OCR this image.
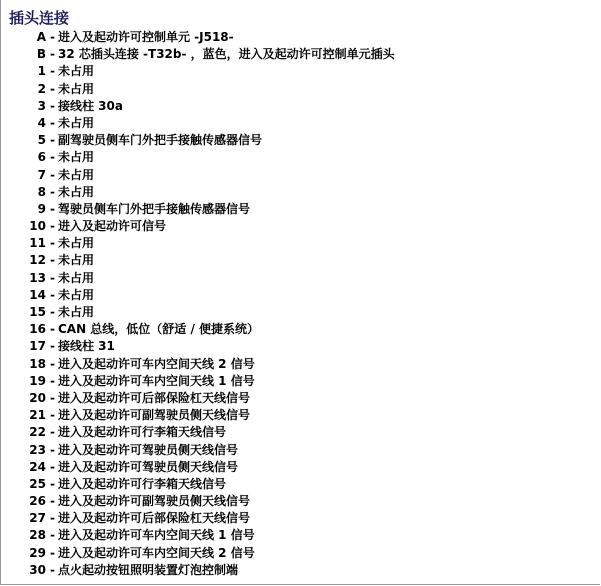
插头连接
A - 进入及起动许可控制单元 -J518-
B - 32 芯插头连接 -T32b- ，蓝色，进入及起动许可控制单元插头
1 - 未占用
2 - 未占用
3 - 接线柱 30a
4 - 未占用
5 - 副驾驶员侧车门外把手接触传感器信号
6 - 未占用
7 - 未占用
8 - 未占用
9 - 驾驶员侧车门外把手接触传感器信号
10 - 进入及起动许可信号
11 - 未占用
12 - 未占用
13 - 未占用
14 - 未占用
15 - 未占用
16 - CAN 总线，低位（舒适 / 便捷系统）
17 - 接线柱 31
18 - 进入及起动许可车内空间天线 2 信号
19 - 进入及起动许可车内空间天线 1 信号
20 - 进入及起动许可后部保险杠天线信号
21 - 进入及起动许可副驾驶员侧天线信号
22 - 进入及起动许可行李箱天线信号
23 - 进入及起动许可驾驶员侧天线信号
24 - 进入及起动许可驾驶员侧天线信号
25 - 进入及起动许可行李箱天线信号
26 - 进入及起动许可副驾驶员侧天线信号
27 - 进入及起动许可后部保险杠天线信号
28 - 进入及起动许可车内空间天线 1 信号
29 - 进入及起动许可车内空间天线 2 信号
30 - 点火起动按钮照明装置灯泡控制端
